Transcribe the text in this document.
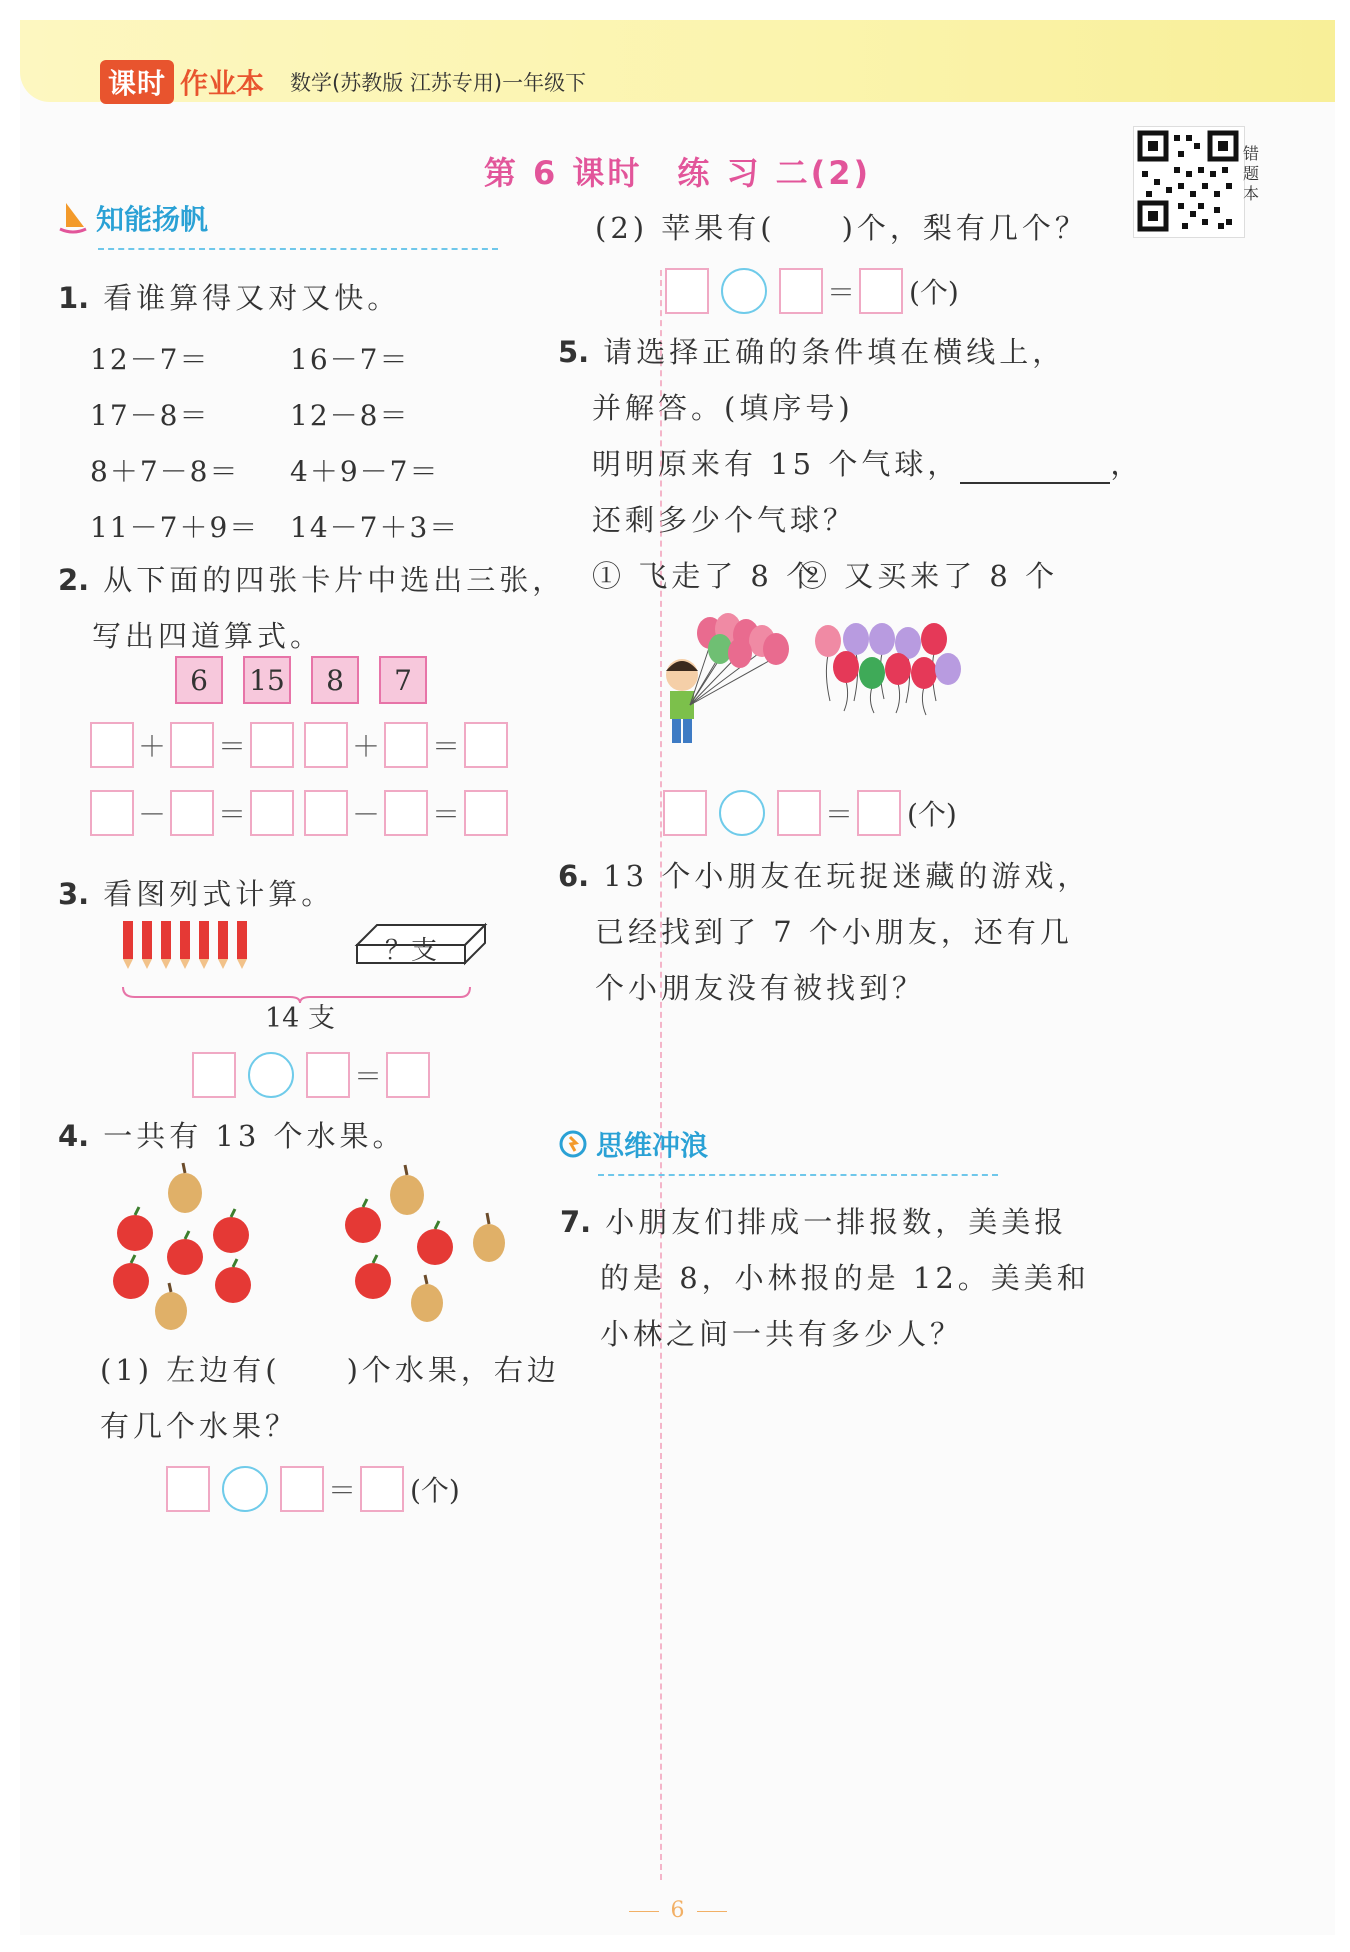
课时 作业本 数学(苏教版 江苏专用)一年级下
第 6 课时　练 习 二(2)
错题本
知能扬帆
1. 看谁算得又对又快。
12－7＝	16－7＝
17－8＝	12－8＝
8＋7－8＝ 4＋9－7＝
11－7＋9＝ 14－7＋3＝
2. 从下面的四张卡片中选出三张，
写出四道算式。
6	15	8	7
＋ ＝	＋ ＝
－ ＝	－ ＝
3. 看图列式计算。
？支
14 支
＝
4. 一共有 13 个水果。
(1) 左边有(　　)个水果，右边
有几个水果？
＝ (个)
(2) 苹果有(　　)个，梨有几个？
＝ (个)
5. 请选择正确的条件填在横线上，
并解答。(填序号)
明明原来有 15 个气球，	，
还剩多少个气球？
① 飞走了 8 个
② 又买来了 8 个
＝ (个)
6. 13 个小朋友在玩捉迷藏的游戏，
已经找到了 7 个小朋友，还有几
个小朋友没有被找到？
思维冲浪
7. 小朋友们排成一排报数，美美报
的是 8，小林报的是 12。美美和
小林之间一共有多少人？
6
